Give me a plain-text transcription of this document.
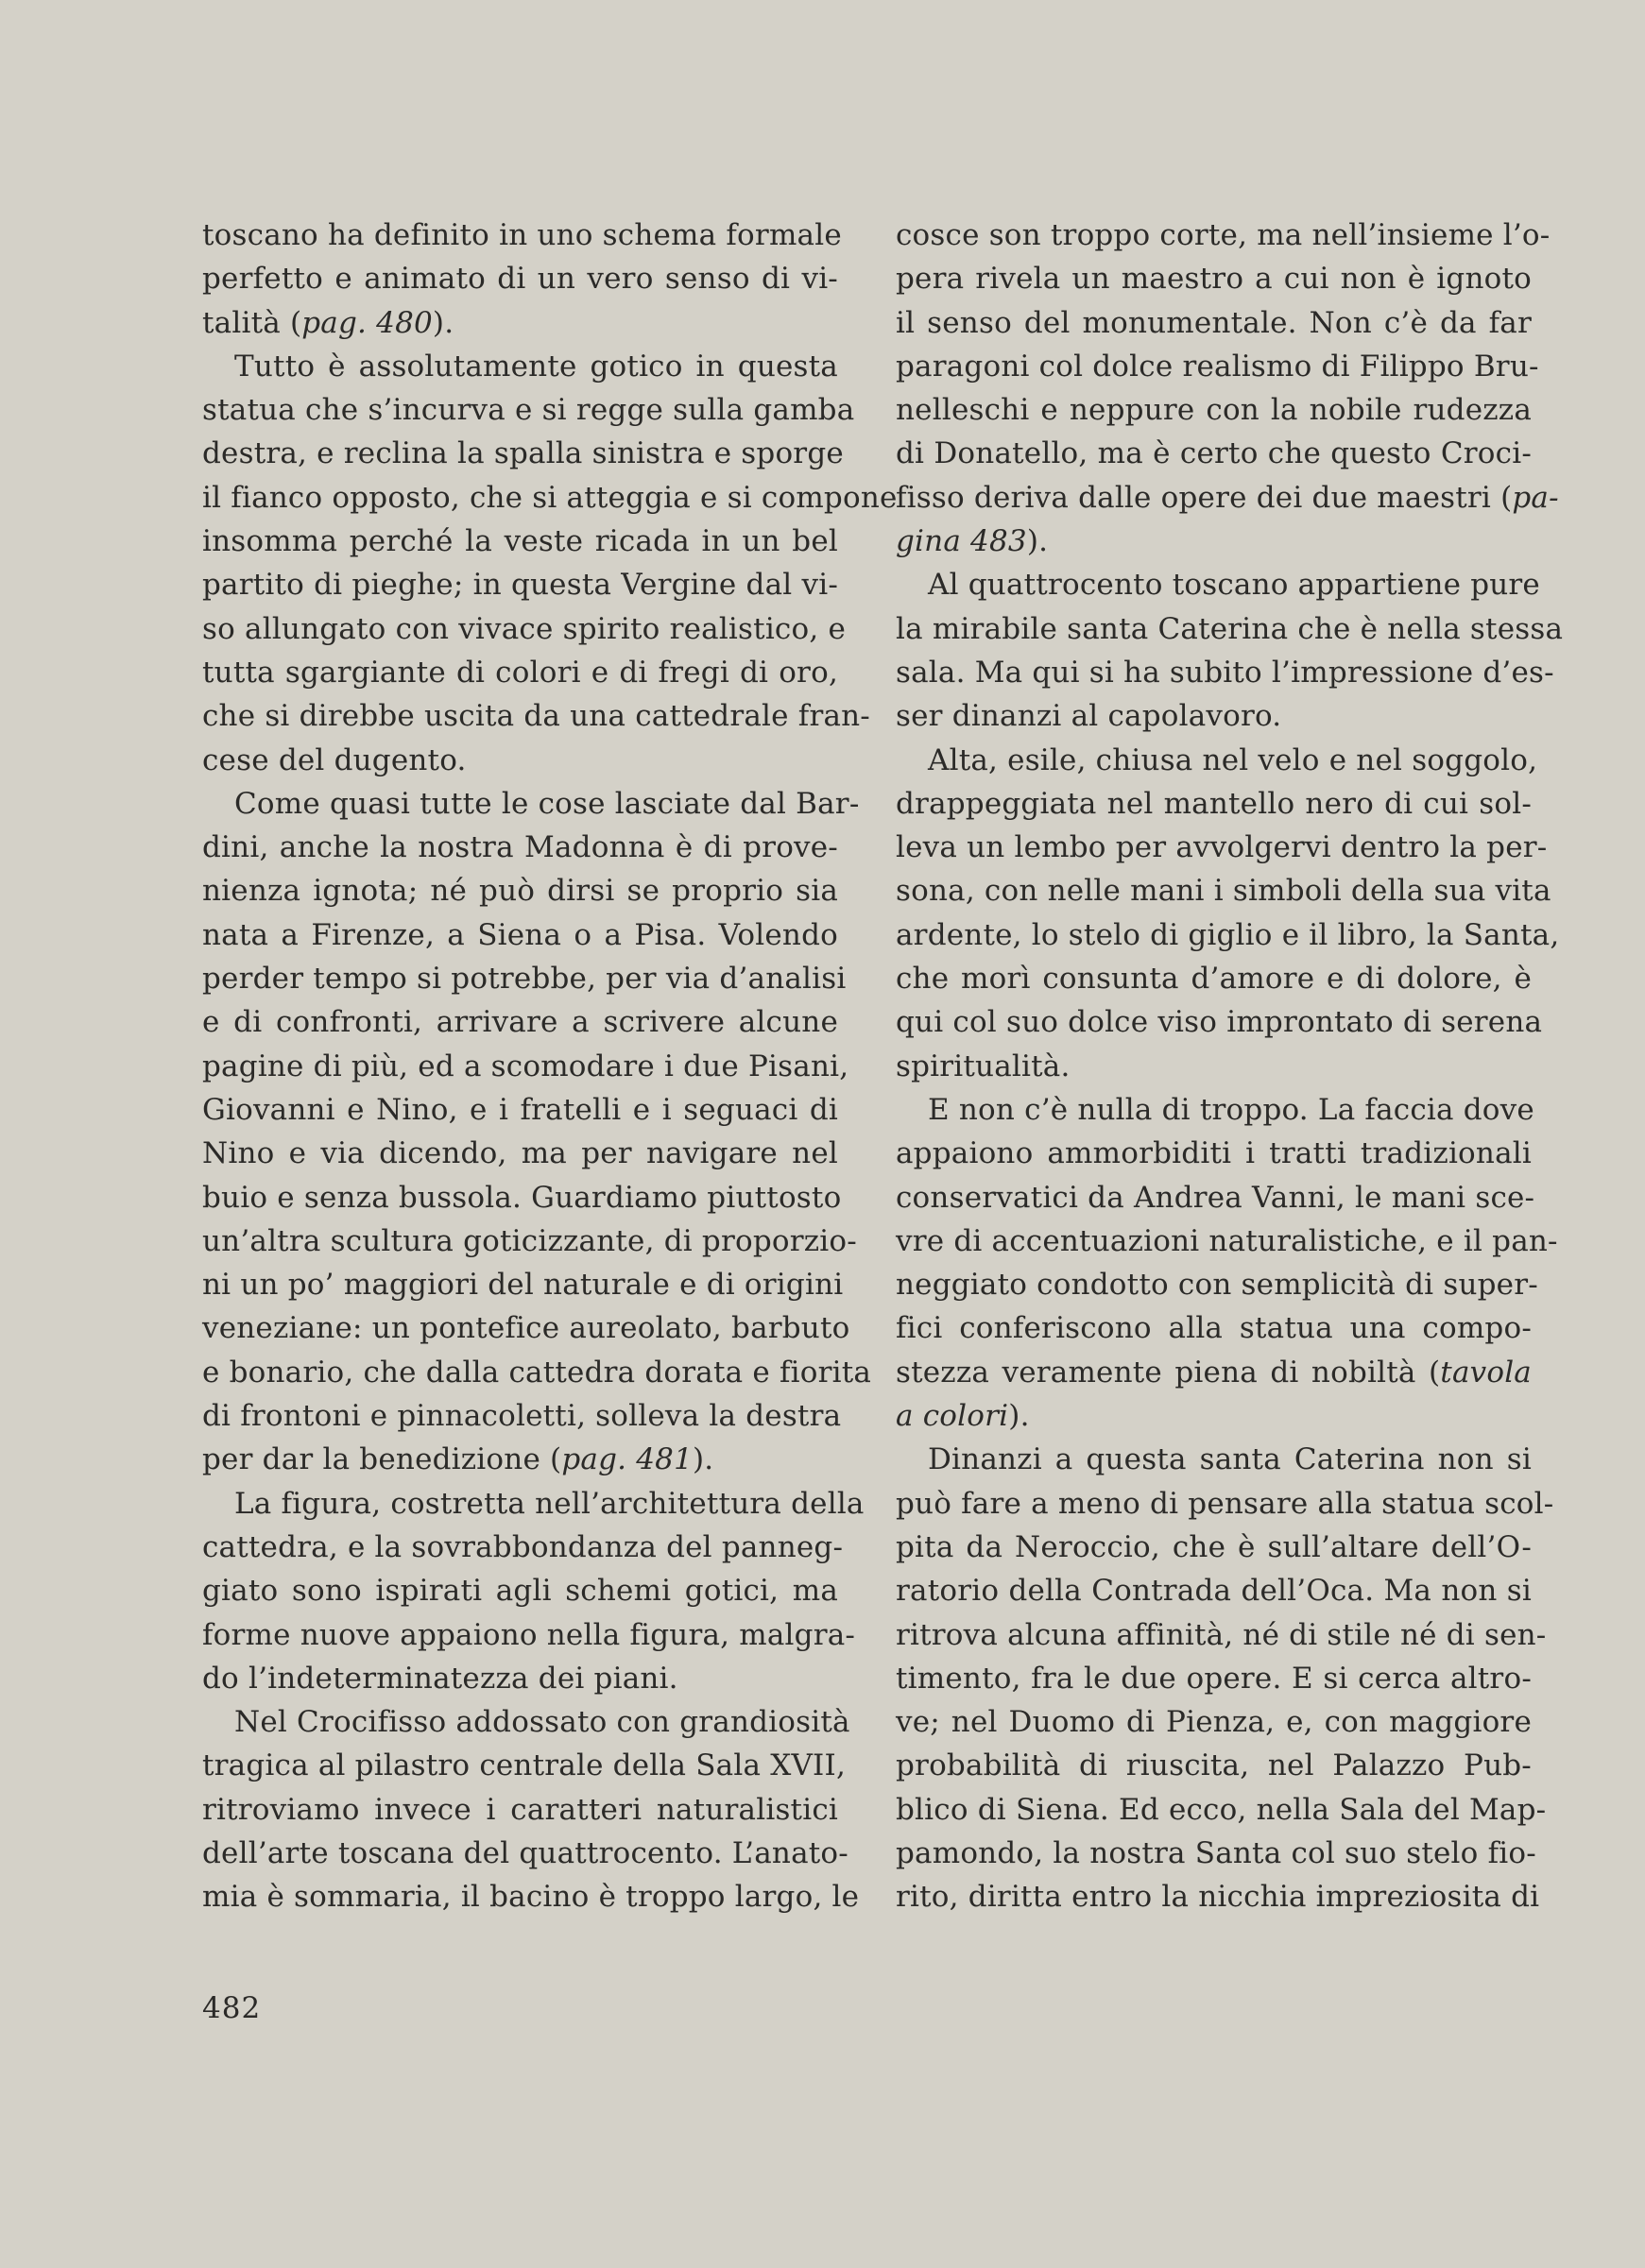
toscano ha definito in uno schema formale
perfetto e animato di un vero senso di vi-
talità (pag. 480).
Tutto è assolutamente gotico in questa
statua che s’incurva e si regge sulla gamba
destra, e reclina la spalla sinistra e sporge
il fianco opposto, che si atteggia e si compone
insomma perché la veste ricada in un bel
partito di pieghe; in questa Vergine dal vi-
so allungato con vivace spirito realistico, e
tutta sgargiante di colori e di fregi di oro,
che si direbbe uscita da una cattedrale fran-
cese del dugento.
Come quasi tutte le cose lasciate dal Bar-
dini, anche la nostra Madonna è di prove-
nienza ignota; né può dirsi se proprio sia
nata a Firenze, a Siena o a Pisa. Volendo
perder tempo si potrebbe, per via d’analisi
e di confronti, arrivare a scrivere alcune
pagine di più, ed a scomodare i due Pisani,
Giovanni e Nino, e i fratelli e i seguaci di
Nino e via dicendo, ma per navigare nel
buio e senza bussola. Guardiamo piuttosto
un’altra scultura goticizzante, di proporzio-
ni un po’ maggiori del naturale e di origini
veneziane: un pontefice aureolato, barbuto
e bonario, che dalla cattedra dorata e fiorita
di frontoni e pinnacoletti, solleva la destra
per dar la benedizione (pag. 481).
La figura, costretta nell’architettura della
cattedra, e la sovrabbondanza del panneg-
giato sono ispirati agli schemi gotici, ma
forme nuove appaiono nella figura, malgra-
do l’indeterminatezza dei piani.
Nel Crocifisso addossato con grandiosità
tragica al pilastro centrale della Sala XVII,
ritroviamo invece i caratteri naturalistici
dell’arte toscana del quattrocento. L’anato-
mia è sommaria, il bacino è troppo largo, le
cosce son troppo corte, ma nell’insieme l’o-
pera rivela un maestro a cui non è ignoto
il senso del monumentale. Non c’è da far
paragoni col dolce realismo di Filippo Bru-
nelleschi e neppure con la nobile rudezza
di Donatello, ma è certo che questo Croci-
fisso deriva dalle opere dei due maestri (pa-
gina 483).
Al quattrocento toscano appartiene pure
la mirabile santa Caterina che è nella stessa
sala. Ma qui si ha subito l’impressione d’es-
ser dinanzi al capolavoro.
Alta, esile, chiusa nel velo e nel soggolo,
drappeggiata nel mantello nero di cui sol-
leva un lembo per avvolgervi dentro la per-
sona, con nelle mani i simboli della sua vita
ardente, lo stelo di giglio e il libro, la Santa,
che morì consunta d’amore e di dolore, è
qui col suo dolce viso improntato di serena
spiritualità.
E non c’è nulla di troppo. La faccia dove
appaiono ammorbiditi i tratti tradizionali
conservatici da Andrea Vanni, le mani sce-
vre di accentuazioni naturalistiche, e il pan-
neggiato condotto con semplicità di super-
fici conferiscono alla statua una compo-
stezza veramente piena di nobiltà (tavola
a colori).
Dinanzi a questa santa Caterina non si
può fare a meno di pensare alla statua scol-
pita da Neroccio, che è sull’altare dell’O-
ratorio della Contrada dell’Oca. Ma non si
ritrova alcuna affinità, né di stile né di sen-
timento, fra le due opere. E si cerca altro-
ve; nel Duomo di Pienza, e, con maggiore
probabilità di riuscita, nel Palazzo Pub-
blico di Siena. Ed ecco, nella Sala del Map-
pamondo, la nostra Santa col suo stelo fio-
rito, diritta entro la nicchia impreziosita di
482
